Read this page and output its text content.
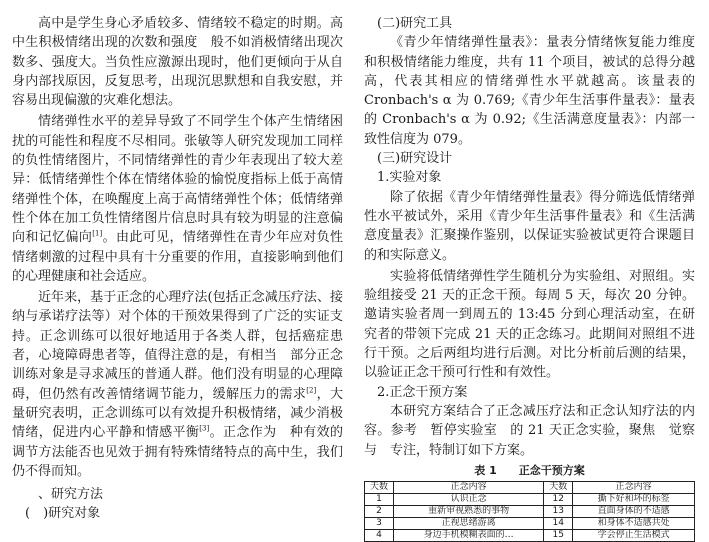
高中是学生身心矛盾较多、情绪较不稳定的时期。高中生积极情绪出现的次数和强度　般不如消极情绪出现次数多、强度大。当负性应激源出现时，他们更倾向于从自身内部找原因，反复思考，出现沉思默想和自我安慰，并容易出现偏激的灾难化想法。

情绪弹性水平的差异导致了不同学生个体产生情绪困扰的可能性和程度不尽相同。张敏等人研究发现加工同样的负性情绪图片，不同情绪弹性的青少年表现出了较大差异：低情绪弹性个体在情绪体验的愉悦度指标上低于高情绪弹性个体，在唤醒度上高于高情绪弹性个体；低情绪弹性个体在加工负性情绪图片信息时具有较为明显的注意偏向和记忆偏向[1]。由此可见，情绪弹性在青少年应对负性情绪刺激的过程中具有十分重要的作用，直接影响到他们的心理健康和社会适应。

近年来，基于正念的心理疗法(包括正念减压疗法、接纳与承诺疗法等）对个体的干预效果得到了广泛的实证支持。正念训练可以很好地适用于各类人群，包括癌症患者，心境障碍患者等，值得注意的是，有相当　部分正念训练对象是寻求减压的普通人群。他们没有明显的心理障碍，但仍然有改善情绪调节能力，缓解压力的需求[2]，大量研究表明，正念训练可以有效提升积极情绪，减少消极情绪，促进内心平静和情感平衡[3]。正念作为　种有效的调节方法能否也见效于拥有特殊情绪特点的高中生，我们仍不得而知。

、研究方法

(　)研究对象

(二)研究工具

《青少年情绪弹性量表》：量表分情绪恢复能力维度和积极情绪能力维度，共有 11 个项目，被试的总得分越高，代表其相应的情绪弹性水平就越高。该量表的 Cronbach's α 为 0.769;《青少年生活事件量表》：量表的 Cronbach's α 为 0.92;《生活满意度量表》：内部一致性信度为 079。

(三)研究设计

1.实验对象

除了依据《青少年情绪弹性量表》得分筛选低情绪弹性水平被试外，采用《青少年生活事件量表》和《生活满意度量表》汇聚操作鉴别，以保证实验被试更符合课题目的和实际意义。

实验将低情绪弹性学生随机分为实验组、对照组。实验组接受 21 天的正念干预。每周 5 天，每次 20 分钟。邀请实验者周一到周五的 13:45 分到心理活动室，在研究者的带领下完成 21 天的正念练习。此期间对照组不进行干预。之后两组均进行后测。对比分析前后测的结果，以验证正念干预可行性和有效性。

2.正念干预方案

本研究方案结合了正念减压疗法和正念认知疗法的内容。参考　暂停实验室　的 21 天正念实验，聚焦　觉察与　专注，特制订如下方案。

表 1　　正念干预方案
天数	正念内容	天数	正念内容
1	认识正念	12	撕下好和坏的标签
2	重新审视熟悉的事物	13	直面身体的不适感
3	正视思绪游离	14	和身体不适感共处
4	身边手机模糊表面的…	15	学会停止生活模式
